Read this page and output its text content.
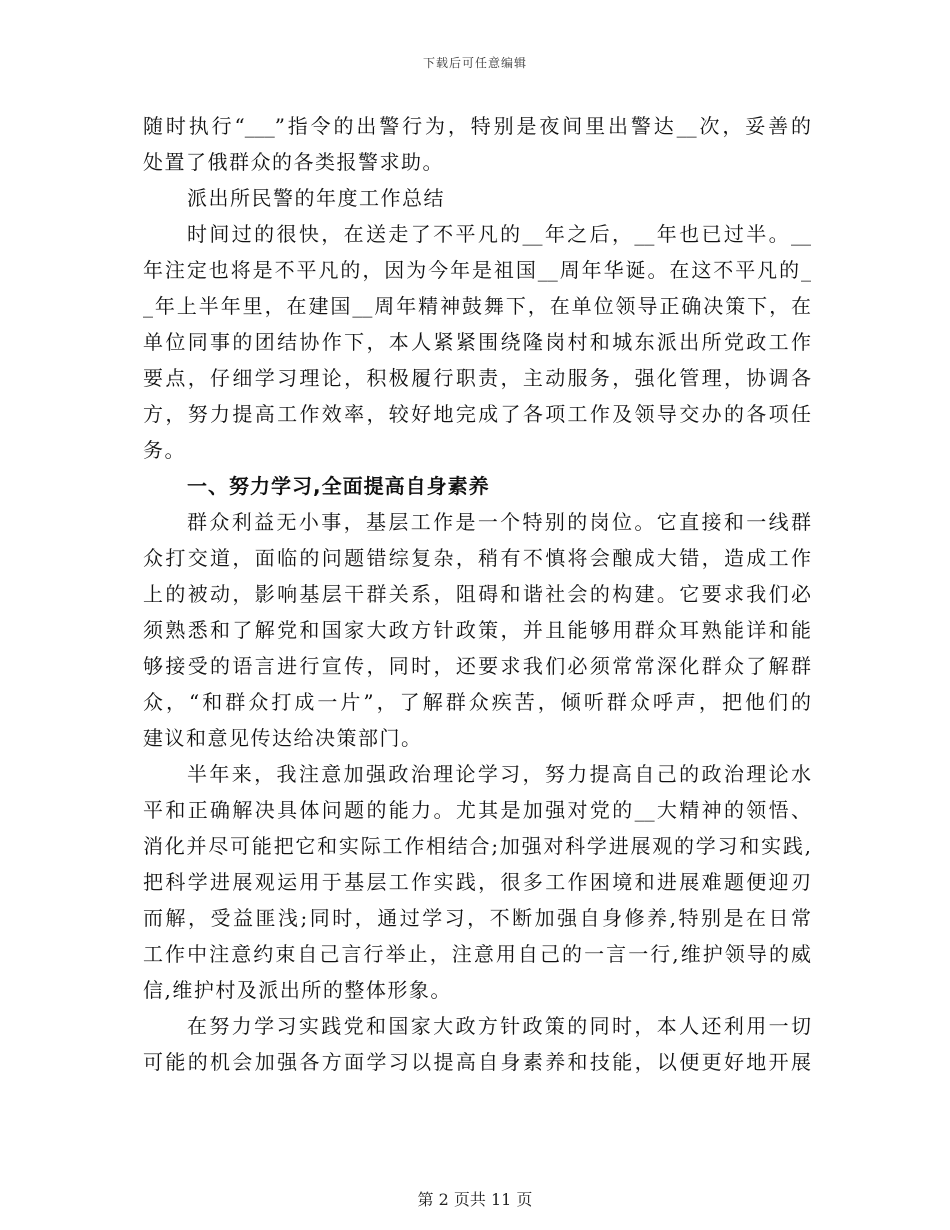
下载后可任意编辑
随时执行“___”指令的出警行为，特别是夜间里出警达__次，妥善的
处置了俄群众的各类报警求助。
派出所民警的年度工作总结
时间过的很快，在送走了不平凡的__年之后，__年也已过半。__
年注定也将是不平凡的，因为今年是祖国__周年华诞。在这不平凡的_
_年上半年里，在建国__周年精神鼓舞下，在单位领导正确决策下，在
单位同事的团结协作下，本人紧紧围绕隆岗村和城东派出所党政工作
要点，仔细学习理论，积极履行职责，主动服务，强化管理，协调各
方，努力提高工作效率，较好地完成了各项工作及领导交办的各项任
务。
一、努力学习,全面提高自身素养
群众利益无小事，基层工作是一个特别的岗位。它直接和一线群
众打交道，面临的问题错综复杂，稍有不慎将会酿成大错，造成工作
上的被动，影响基层干群关系，阻碍和谐社会的构建。它要求我们必
须熟悉和了解党和国家大政方针政策，并且能够用群众耳熟能详和能
够接受的语言进行宣传，同时，还要求我们必须常常深化群众了解群
众，“和群众打成一片”，了解群众疾苦，倾听群众呼声，把他们的
建议和意见传达给决策部门。
半年来，我注意加强政治理论学习，努力提高自己的政治理论水
平和正确解决具体问题的能力。尤其是加强对党的__大精神的领悟、
消化并尽可能把它和实际工作相结合;加强对科学进展观的学习和实践,
把科学进展观运用于基层工作实践，很多工作困境和进展难题便迎刃
而解，受益匪浅;同时，通过学习，不断加强自身修养,特别是在日常
工作中注意约束自己言行举止，注意用自己的一言一行,维护领导的威
信,维护村及派出所的整体形象。
在努力学习实践党和国家大政方针政策的同时，本人还利用一切
可能的机会加强各方面学习以提高自身素养和技能，以便更好地开展
第 2 页共 11 页
